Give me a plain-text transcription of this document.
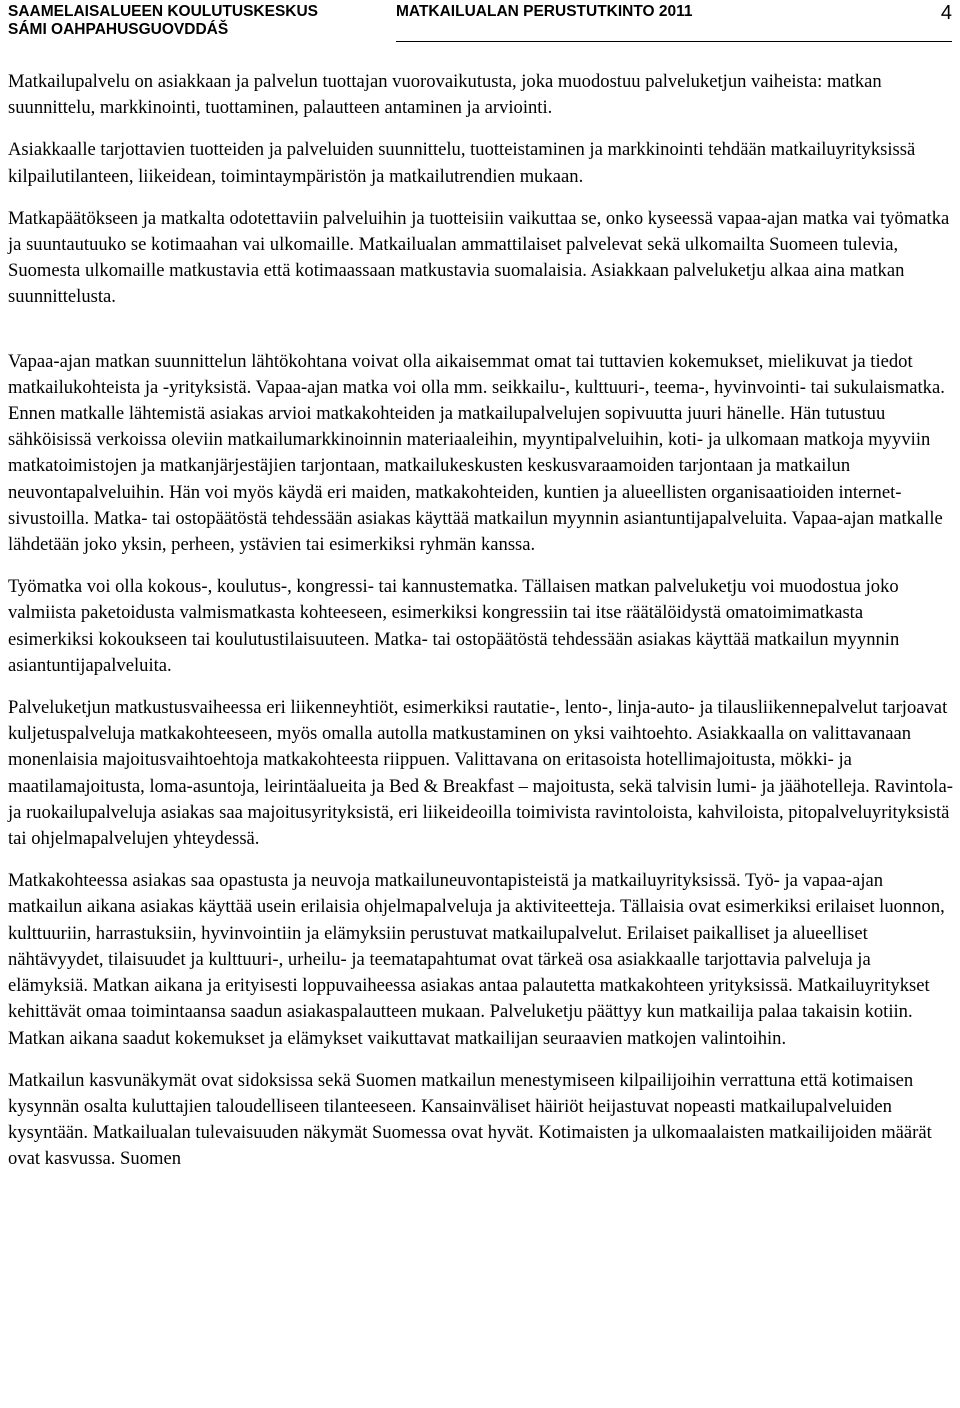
SAAMELAISALUEEN KOULUTUSKESKUS
SÁMI OAHPAHUSGUOVDDÁŠ
MATKAILUALAN PERUSTUTKINTO 2011	4

Matkailupalvelu on asiakkaan ja palvelun tuottajan vuorovaikutusta, joka muodostuu palveluketjun vaiheista: matkan suunnittelu, markkinointi, tuottaminen, palautteen antaminen ja arviointi.

Asiakkaalle tarjottavien tuotteiden ja palveluiden suunnittelu, tuotteistaminen ja markkinointi tehdään matkailuyrityksissä kilpailutilanteen, liikeidean, toimintaympäristön ja matkailutrendien mukaan.

Matkapäätökseen ja matkalta odotettaviin palveluihin ja tuotteisiin vaikuttaa se, onko kyseessä vapaa-ajan matka vai työmatka ja suuntautuuko se kotimaahan vai ulkomaille. Matkailualan ammattilaiset palvelevat sekä ulkomailta Suomeen tulevia, Suomesta ulkomaille matkustavia että kotimaassaan matkustavia suomalaisia. Asiakkaan palveluketju alkaa aina matkan suunnittelusta.

Vapaa-ajan matkan suunnittelun lähtökohtana voivat olla aikaisemmat omat tai tuttavien kokemukset, mielikuvat ja tiedot matkailukohteista ja -yrityksistä. Vapaa-ajan matka voi olla mm. seikkailu-, kulttuuri-, teema-, hyvinvointi- tai sukulaismatka. Ennen matkalle lähtemistä asiakas arvioi matkakohteiden ja matkailupalvelujen sopivuutta juuri hänelle. Hän tutustuu sähköisissä verkoissa oleviin matkailumarkkinoinnin materiaaleihin, myyntipalveluihin, koti- ja ulkomaan matkoja myyviin matkatoimistojen ja matkanjärjestäjien tarjontaan, matkailukeskusten keskusvaraamoiden tarjontaan ja matkailun neuvontapalveluihin. Hän voi myös käydä eri maiden, matkakohteiden, kuntien ja alueellisten organisaatioiden internet-sivustoilla. Matka- tai ostopäätöstä tehdessään asiakas käyttää matkailun myynnin asiantuntijapalveluita. Vapaa-ajan matkalle lähdetään joko yksin, perheen, ystävien tai esimerkiksi ryhmän kanssa.

Työmatka voi olla kokous-, koulutus-, kongressi- tai kannustematka. Tällaisen matkan palveluketju voi muodostua joko valmiista paketoidusta valmismatkasta kohteeseen, esimerkiksi kongressiin tai itse räätälöidystä omatoimimatkasta esimerkiksi kokoukseen tai koulutustilaisuuteen. Matka- tai ostopäätöstä tehdessään asiakas käyttää matkailun myynnin asiantuntijapalveluita.

Palveluketjun matkustusvaiheessa eri liikenneyhtiöt, esimerkiksi rautatie-, lento-, linja-auto- ja tilausliikennepalvelut tarjoavat kuljetuspalveluja matkakohteeseen, myös omalla autolla matkustaminen on yksi vaihtoehto. Asiakkaalla on valittavanaan monenlaisia majoitusvaihtoehtoja matkakohteesta riippuen. Valittavana on eritasoista hotellimajoitusta, mökki- ja maatilamajoitusta, loma-asuntoja, leirintäalueita ja Bed & Breakfast – majoitusta, sekä talvisin lumi- ja jäähotelleja. Ravintola- ja ruokailupalveluja asiakas saa majoitusyrityksistä, eri liikeideoilla toimivista ravintoloista, kahviloista, pitopalveluyrityksistä tai ohjelmapalvelujen yhteydessä.

Matkakohteessa asiakas saa opastusta ja neuvoja matkailuneuvontapisteistä ja matkailuyrityksissä. Työ- ja vapaa-ajan matkailun aikana asiakas käyttää usein erilaisia ohjelmapalveluja ja aktiviteetteja. Tällaisia ovat esimerkiksi erilaiset luonnon, kulttuuriin, harrastuksiin, hyvinvointiin ja elämyksiin perustuvat matkailupalvelut. Erilaiset paikalliset ja alueelliset nähtävyydet, tilaisuudet ja kulttuuri-, urheilu- ja teematapahtumat ovat tärkeä osa asiakkaalle tarjottavia palveluja ja elämyksiä. Matkan aikana ja erityisesti loppuvaiheessa asiakas antaa palautetta matkakohteen yrityksissä. Matkailuyritykset kehittävät omaa toimintaansa saadun asiakaspalautteen mukaan. Palveluketju päättyy kun matkailija palaa takaisin kotiin. Matkan aikana saadut kokemukset ja elämykset vaikuttavat matkailijan seuraavien matkojen valintoihin.

Matkailun kasvunäkymät ovat sidoksissa sekä Suomen matkailun menestymiseen kilpailijoihin verrattuna että kotimaisen kysynnän osalta kuluttajien taloudelliseen tilanteeseen. Kansainväliset häiriöt heijastuvat nopeasti matkailupalveluiden kysyntään. Matkailualan tulevaisuuden näkymät Suomessa ovat hyvät. Kotimaisten ja ulkomaalaisten matkailijoiden määrät ovat kasvussa. Suomen
